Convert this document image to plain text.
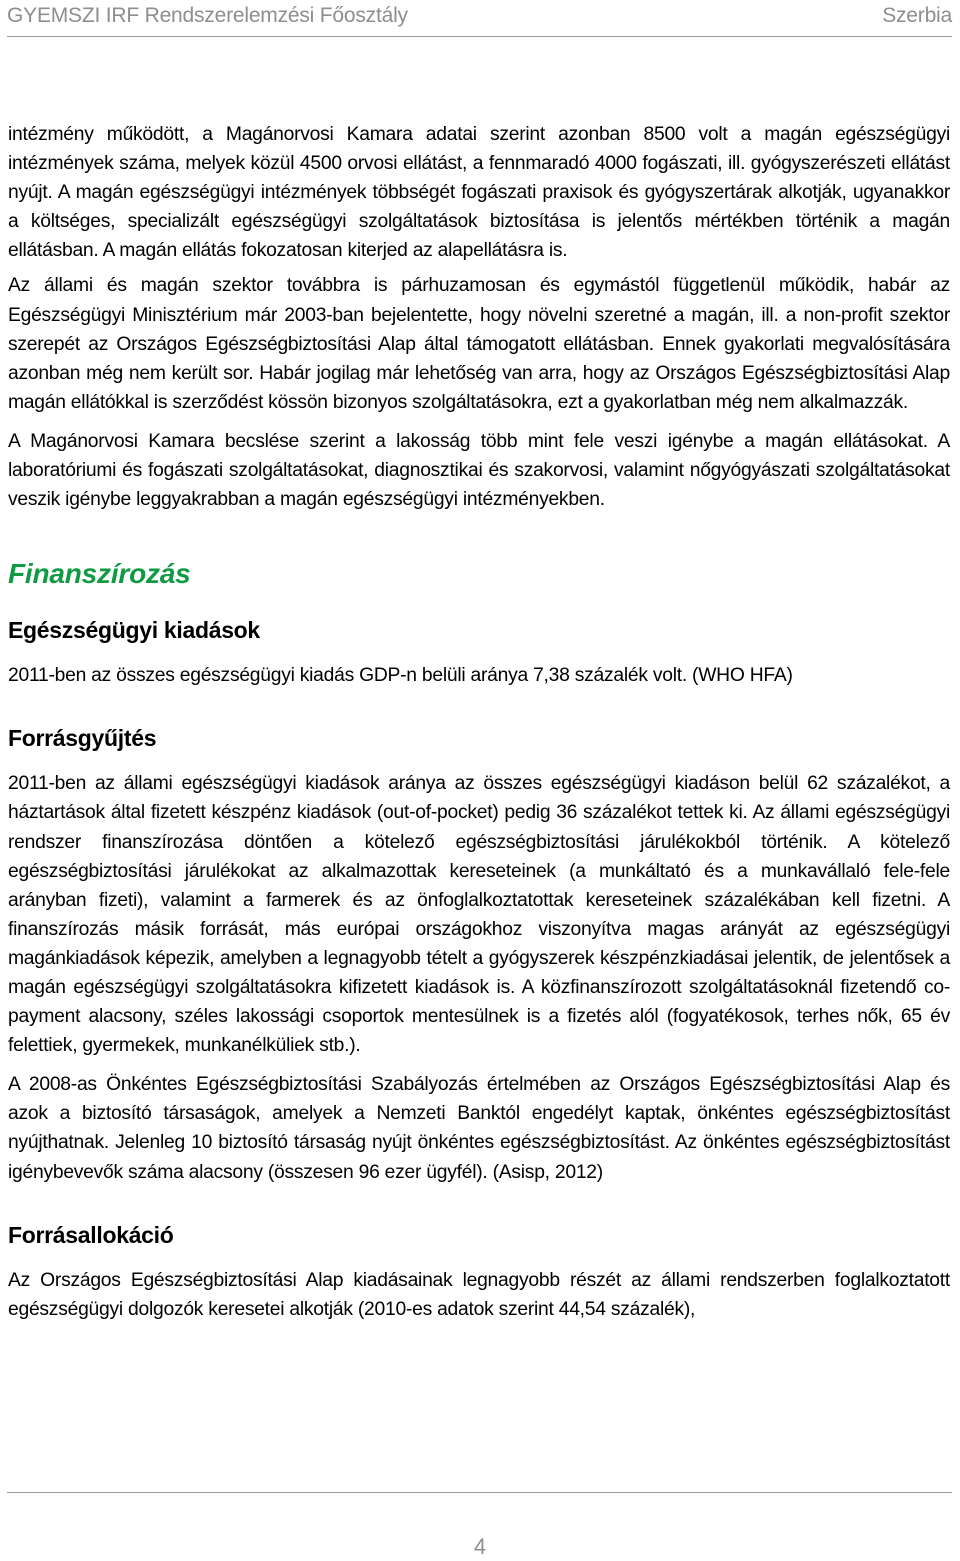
GYEMSZI IRF Rendszerelemzési Főosztály	Szerbia

intézmény működött, a Magánorvosi Kamara adatai szerint azonban 8500 volt a magán egészségügyi intézmények száma, melyek közül 4500 orvosi ellátást, a fennmaradó 4000 fogászati, ill. gyógyszerészeti ellátást nyújt. A magán egészségügyi intézmények többségét fogászati praxisok és gyógyszertárak alkotják, ugyanakkor a költséges, specializált egészségügyi szolgáltatások biztosítása is jelentős mértékben történik a magán ellátásban. A magán ellátás fokozatosan kiterjed az alapellátásra is.

Az állami és magán szektor továbbra is párhuzamosan és egymástól függetlenül működik, habár az Egészségügyi Minisztérium már 2003-ban bejelentette, hogy növelni szeretné a magán, ill. a non-profit szektor szerepét az Országos Egészségbiztosítási Alap által támogatott ellátásban. Ennek gyakorlati megvalósítására azonban még nem került sor. Habár jogilag már lehetőség van arra, hogy az Országos Egészségbiztosítási Alap magán ellátókkal is szerződést kössön bizonyos szolgáltatásokra, ezt a gyakorlatban még nem alkalmazzák.

A Magánorvosi Kamara becslése szerint a lakosság több mint fele veszi igénybe a magán ellátásokat. A laboratóriumi és fogászati szolgáltatásokat, diagnosztikai és szakorvosi, valamint nőgyógyászati szolgáltatásokat veszik igénybe leggyakrabban a magán egészségügyi intézményekben.

Finanszírozás
Egészségügyi kiadások

2011-ben az összes egészségügyi kiadás GDP-n belüli aránya 7,38 százalék volt. (WHO HFA)

Forrásgyűjtés

2011-ben az állami egészségügyi kiadások aránya az összes egészségügyi kiadáson belül 62 százalékot, a háztartások által fizetett készpénz kiadások (out-of-pocket) pedig 36 százalékot tettek ki. Az állami egészségügyi rendszer finanszírozása döntően a kötelező egészségbiztosítási járulékokból történik. A kötelező egészségbiztosítási járulékokat az alkalmazottak kereseteinek (a munkáltató és a munkavállaló fele-fele arányban fizeti), valamint a farmerek és az önfoglalkoztatottak kereseteinek százalékában kell fizetni. A finanszírozás másik forrását, más európai országokhoz viszonyítva magas arányát az egészségügyi magánkiadások képezik, amelyben a legnagyobb tételt a gyógyszerek készpénzkiadásai jelentik, de jelentősek a magán egészségügyi szolgáltatásokra kifizetett kiadások is. A közfinanszírozott szolgáltatásoknál fizetendő co-payment alacsony, széles lakossági csoportok mentesülnek is a fizetés alól (fogyatékosok, terhes nők, 65 év felettiek, gyermekek, munkanélküliek stb.).

A 2008-as Önkéntes Egészségbiztosítási Szabályozás értelmében az Országos Egészségbiztosítási Alap és azok a biztosító társaságok, amelyek a Nemzeti Banktól engedélyt kaptak, önkéntes egészségbiztosítást nyújthatnak. Jelenleg 10 biztosító társaság nyújt önkéntes egészségbiztosítást. Az önkéntes egészségbiztosítást igénybevevők száma alacsony (összesen 96 ezer ügyfél). (Asisp, 2012)

Forrásallokáció

Az Országos Egészségbiztosítási Alap kiadásainak legnagyobb részét az állami rendszerben foglalkoztatott egészségügyi dolgozók keresetei alkotják (2010-es adatok szerint 44,54 százalék),

4
